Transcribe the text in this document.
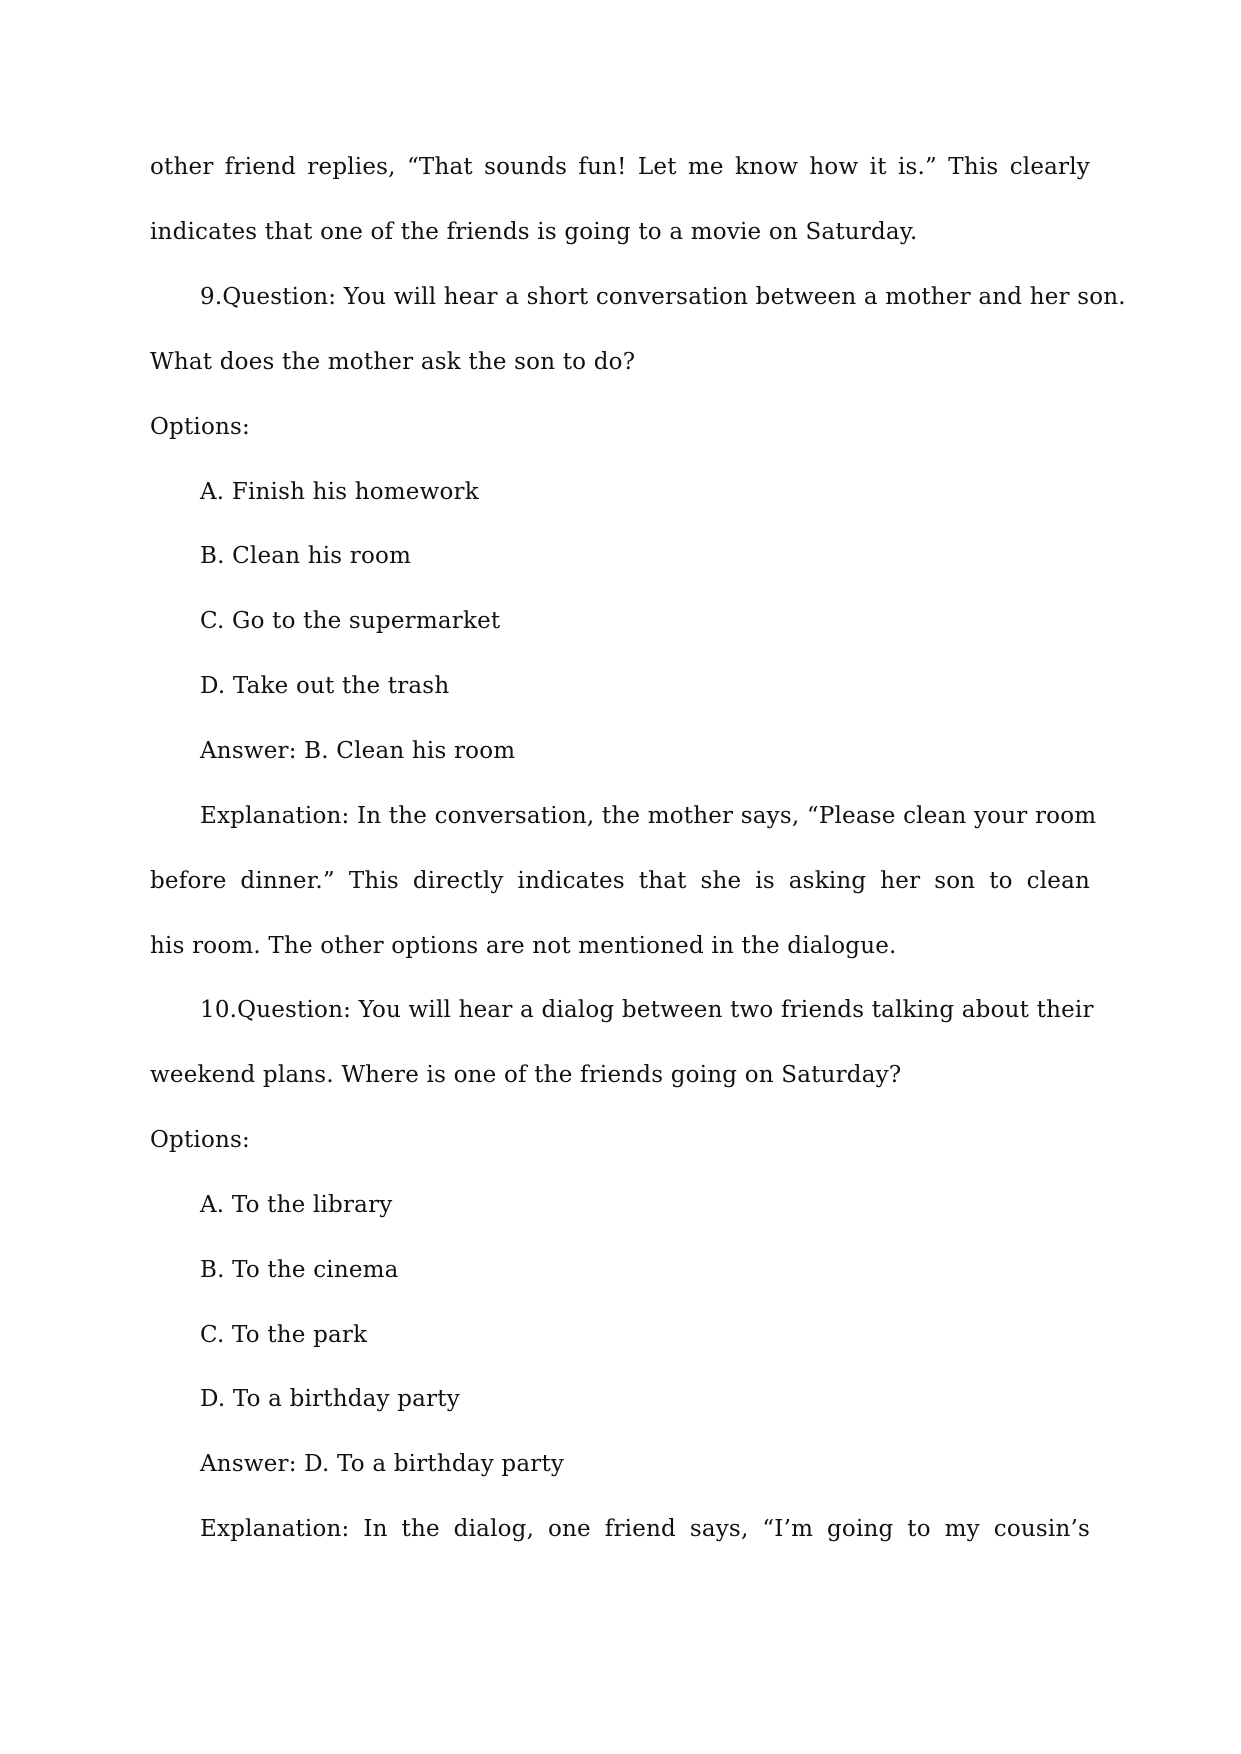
other friend replies, “That sounds fun! Let me know how it is.” This clearly
indicates that one of the friends is going to a movie on Saturday.
9.Question: You will hear a short conversation between a mother and her son.
What does the mother ask the son to do?
Options:
A. Finish his homework
B. Clean his room
C. Go to the supermarket
D. Take out the trash
Answer: B. Clean his room
Explanation: In the conversation, the mother says, “Please clean your room
before dinner.” This directly indicates that she is asking her son to clean
his room. The other options are not mentioned in the dialogue.
10.Question: You will hear a dialog between two friends talking about their
weekend plans. Where is one of the friends going on Saturday?
Options:
A. To the library
B. To the cinema
C. To the park
D. To a birthday party
Answer: D. To a birthday party
Explanation: In the dialog, one friend says, “I’m going to my cousin’s
